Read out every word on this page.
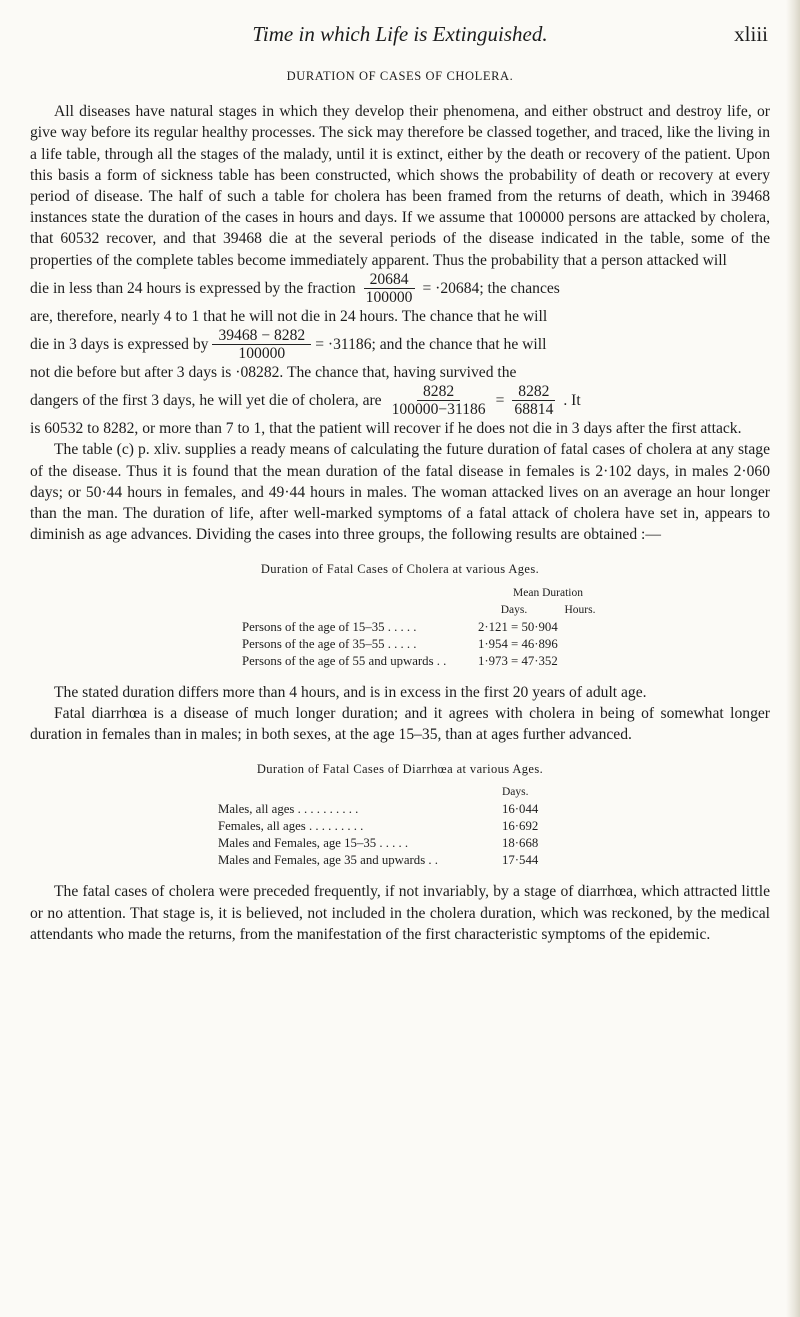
Time in which Life is Extinguished.	xliii
DURATION OF CASES OF CHOLERA.

All diseases have natural stages in which they develop their phenomena, and either obstruct and destroy life, or give way before its regular healthy processes. The sick may therefore be classed together, and traced, like the living in a life table, through all the stages of the malady, until it is extinct, either by the death or recovery of the patient. Upon this basis a form of sickness table has been constructed, which shows the probability of death or recovery at every period of disease. The half of such a table for cholera has been framed from the returns of death, which in 39468 instances state the duration of the cases in hours and days. If we assume that 100000 persons are attacked by cholera, that 60532 recover, and that 39468 die at the several periods of the disease indicated in the table, some of the properties of the complete tables become immediately apparent. Thus the probability that a person attacked will

die in less than 24 hours is expressed by the fraction $\frac{20684}{100000} = \cdot 20684$; the chances

are, therefore, nearly 4 to 1 that he will not die in 24 hours. The chance that he will

die in 3 days is expressed by $\frac{39468 - 8282}{100000} = \cdot 31186$; and the chance that he will

not die before but after 3 days is ·08282. The chance that, having survived the

dangers of the first 3 days, he will yet die of cholera, are $\frac{8282}{100000-31186} = \frac{8282}{68814}$ . It

is 60532 to 8282, or more than 7 to 1, that the patient will recover if he does not die in 3 days after the first attack.

The table (c) p. xliv. supplies a ready means of calculating the future duration of fatal cases of cholera at any stage of the disease. Thus it is found that the mean duration of the fatal disease in females is 2·102 days, in males 2·060 days; or 50·44 hours in females, and 49·44 hours in males. The woman attacked lives on an average an hour longer than the man. The duration of life, after well-marked symptoms of a fatal attack of cholera have set in, appears to diminish as age advances. Dividing the cases into three groups, the following results are obtained :—

Duration of Fatal Cases of Cholera at various Ages.
	Mean Duration
	Days. Hours.
Persons of the age of 15–35 . . . . .	2·121 = 50·904
Persons of the age of 35–55 . . . . .	1·954 = 46·896
Persons of the age of 55 and upwards . .	1·973 = 47·352

The stated duration differs more than 4 hours, and is in excess in the first 20 years of adult age.

Fatal diarrhœa is a disease of much longer duration; and it agrees with cholera in being of somewhat longer duration in females than in males; in both sexes, at the age 15–35, than at ages further advanced.

Duration of Fatal Cases of Diarrhœa at various Ages.
	Days.
Males, all ages . . . . . . . . . .	16·044
Females, all ages . . . . . . . . .	16·692
Males and Females, age 15–35 . . . . .	18·668
Males and Females, age 35 and upwards . .	17·544

The fatal cases of cholera were preceded frequently, if not invariably, by a stage of diarrhœa, which attracted little or no attention. That stage is, it is believed, not included in the cholera duration, which was reckoned, by the medical attendants who made the returns, from the manifestation of the first characteristic symptoms of the epidemic.
